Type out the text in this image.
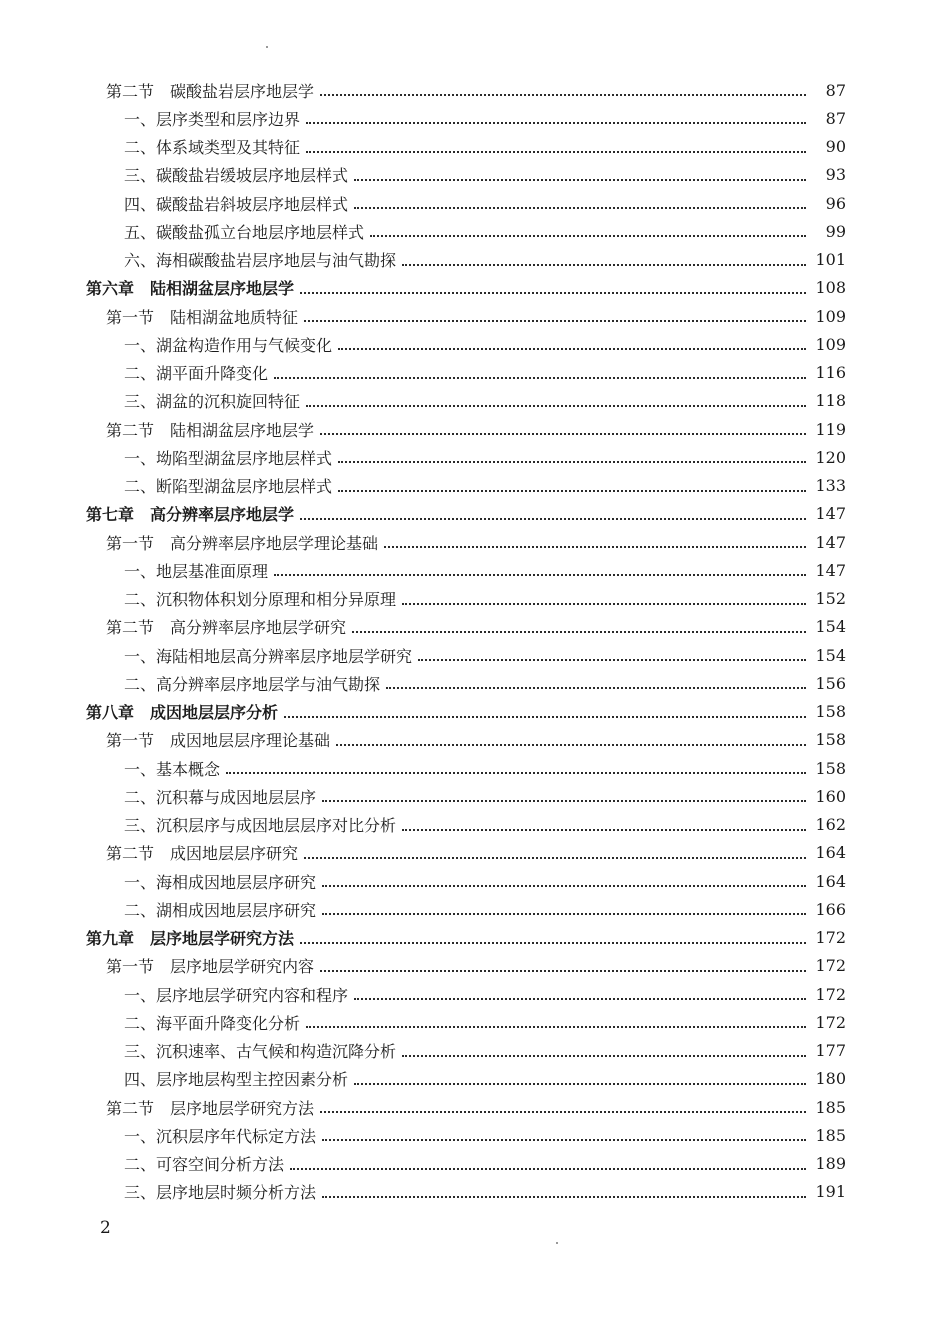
第二节　碳酸盐岩层序地层学	87
一、层序类型和层序边界	87
二、体系域类型及其特征	90
三、碳酸盐岩缓坡层序地层样式	93
四、碳酸盐岩斜坡层序地层样式	96
五、碳酸盐孤立台地层序地层样式	99
六、海相碳酸盐岩层序地层与油气勘探	101
第六章　陆相湖盆层序地层学	108
第一节　陆相湖盆地质特征	109
一、湖盆构造作用与气候变化	109
二、湖平面升降变化	116
三、湖盆的沉积旋回特征	118
第二节　陆相湖盆层序地层学	119
一、坳陷型湖盆层序地层样式	120
二、断陷型湖盆层序地层样式	133
第七章　高分辨率层序地层学	147
第一节　高分辨率层序地层学理论基础	147
一、地层基准面原理	147
二、沉积物体积划分原理和相分异原理	152
第二节　高分辨率层序地层学研究	154
一、海陆相地层高分辨率层序地层学研究	154
二、高分辨率层序地层学与油气勘探	156
第八章　成因地层层序分析	158
第一节　成因地层层序理论基础	158
一、基本概念	158
二、沉积幕与成因地层层序	160
三、沉积层序与成因地层层序对比分析	162
第二节　成因地层层序研究	164
一、海相成因地层层序研究	164
二、湖相成因地层层序研究	166
第九章　层序地层学研究方法	172
第一节　层序地层学研究内容	172
一、层序地层学研究内容和程序	172
二、海平面升降变化分析	172
三、沉积速率、古气候和构造沉降分析	177
四、层序地层构型主控因素分析	180
第二节　层序地层学研究方法	185
一、沉积层序年代标定方法	185
二、可容空间分析方法	189
三、层序地层时频分析方法	191
2
